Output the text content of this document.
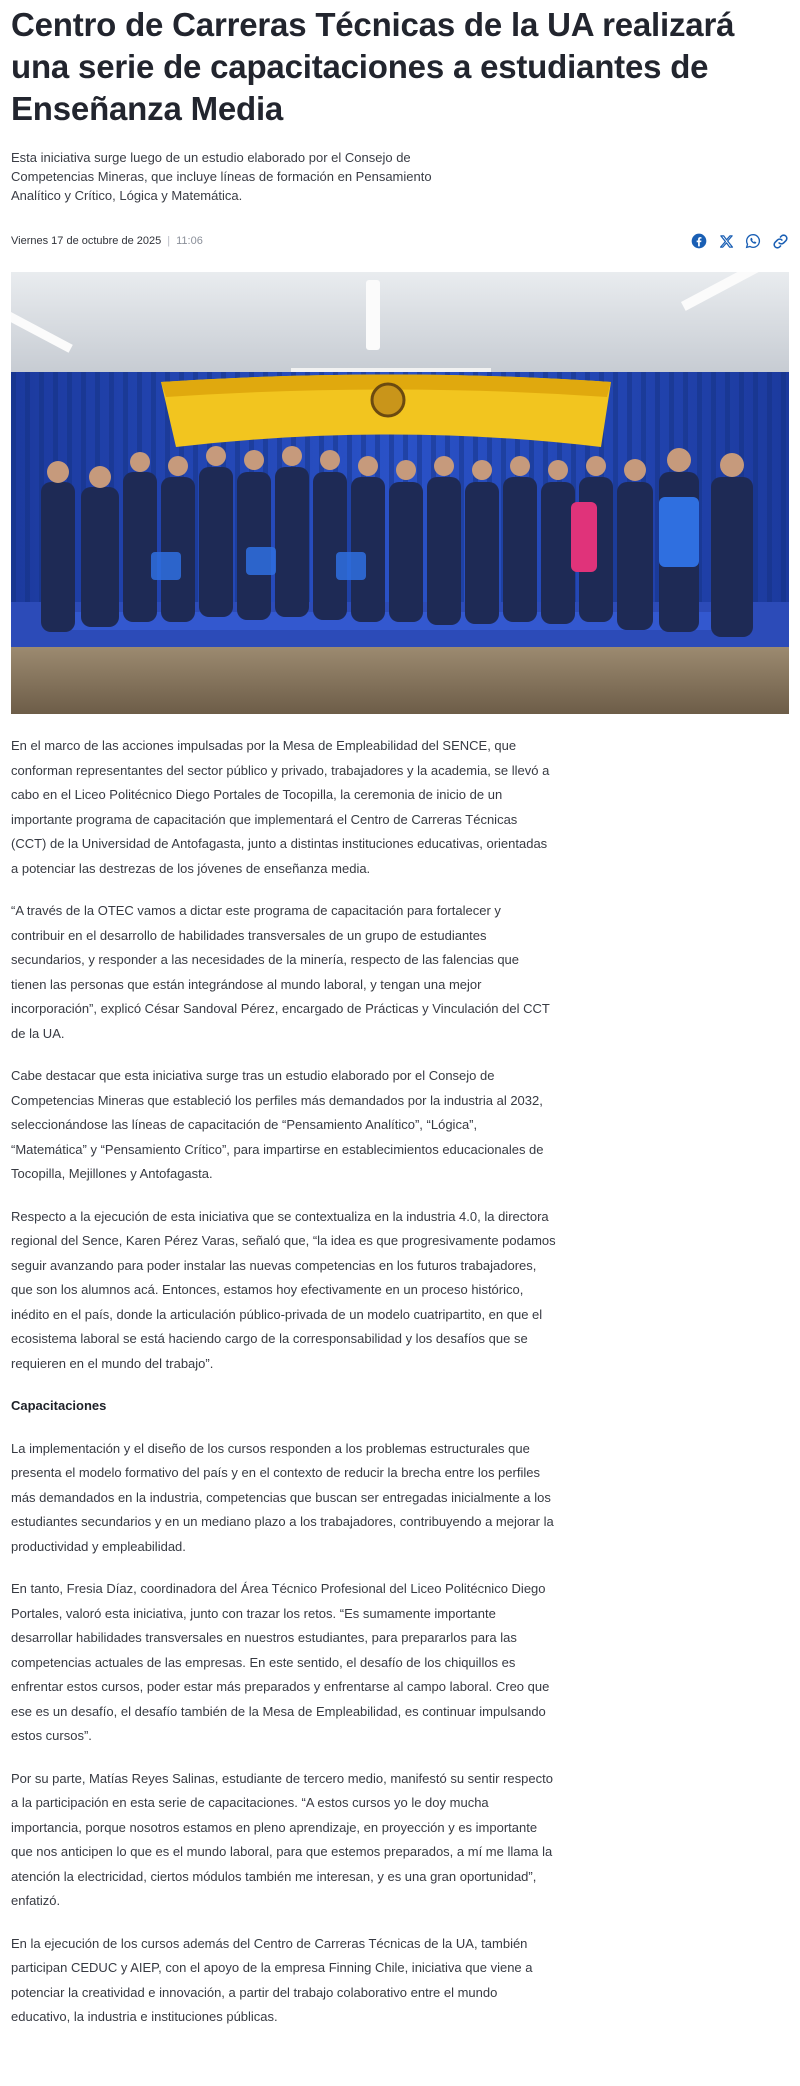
Centro de Carreras Técnicas de la UA realizará una serie de capacitaciones a estudiantes de Enseñanza Media

Esta iniciativa surge luego de un estudio elaborado por el Consejo de Competencias Mineras, que incluye líneas de formación en Pensamiento Analítico y Crítico, Lógica y Matemática.

Viernes 17 de octubre de 2025 | 11:06

En el marco de las acciones impulsadas por la Mesa de Empleabilidad del SENCE, que conforman representantes del sector público y privado, trabajadores y la academia, se llevó a cabo en el Liceo Politécnico Diego Portales de Tocopilla, la ceremonia de inicio de un importante programa de capacitación que implementará el Centro de Carreras Técnicas (CCT) de la Universidad de Antofagasta, junto a distintas instituciones educativas, orientadas a potenciar las destrezas de los jóvenes de enseñanza media.

“A través de la OTEC vamos a dictar este programa de capacitación para fortalecer y contribuir en el desarrollo de habilidades transversales de un grupo de estudiantes secundarios, y responder a las necesidades de la minería, respecto de las falencias que tienen las personas que están integrándose al mundo laboral, y tengan una mejor incorporación”, explicó César Sandoval Pérez, encargado de Prácticas y Vinculación del CCT de la UA.

Cabe destacar que esta iniciativa surge tras un estudio elaborado por el Consejo de Competencias Mineras que estableció los perfiles más demandados por la industria al 2032, seleccionándose las líneas de capacitación de “Pensamiento Analítico”, “Lógica”, “Matemática” y “Pensamiento Crítico”, para impartirse en establecimientos educacionales de Tocopilla, Mejillones y Antofagasta.

Respecto a la ejecución de esta iniciativa que se contextualiza en la industria 4.0, la directora regional del Sence, Karen Pérez Varas, señaló que, “la idea es que progresivamente podamos seguir avanzando para poder instalar las nuevas competencias en los futuros trabajadores, que son los alumnos acá. Entonces, estamos hoy efectivamente en un proceso histórico, inédito en el país, donde la articulación público-privada de un modelo cuatripartito, en que el ecosistema laboral se está haciendo cargo de la corresponsabilidad y los desafíos que se requieren en el mundo del trabajo”.

Capacitaciones

La implementación y el diseño de los cursos responden a los problemas estructurales que presenta el modelo formativo del país y en el contexto de reducir la brecha entre los perfiles más demandados en la industria, competencias que buscan ser entregadas inicialmente a los estudiantes secundarios y en un mediano plazo a los trabajadores, contribuyendo a mejorar la productividad y empleabilidad.

En tanto, Fresia Díaz, coordinadora del Área Técnico Profesional del Liceo Politécnico Diego Portales, valoró esta iniciativa, junto con trazar los retos. “Es sumamente importante desarrollar habilidades transversales en nuestros estudiantes, para prepararlos para las competencias actuales de las empresas. En este sentido, el desafío de los chiquillos es enfrentar estos cursos, poder estar más preparados y enfrentarse al campo laboral. Creo que ese es un desafío, el desafío también de la Mesa de Empleabilidad, es continuar impulsando estos cursos”.

Por su parte, Matías Reyes Salinas, estudiante de tercero medio, manifestó su sentir respecto a la participación en esta serie de capacitaciones. “A estos cursos yo le doy mucha importancia, porque nosotros estamos en pleno aprendizaje, en proyección y es importante que nos anticipen lo que es el mundo laboral, para que estemos preparados, a mí me llama la atención la electricidad, ciertos módulos también me interesan, y es una gran oportunidad”, enfatizó.

En la ejecución de los cursos además del Centro de Carreras Técnicas de la UA, también participan CEDUC y AIEP, con el apoyo de la empresa Finning Chile, iniciativa que viene a potenciar la creatividad e innovación, a partir del trabajo colaborativo entre el mundo educativo, la industria e instituciones públicas.
